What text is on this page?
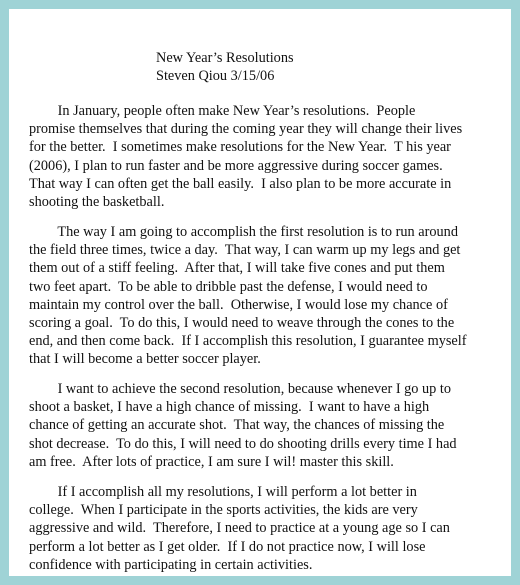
New Year’s Resolutions
Steven Qiou 3/15/06
In January, people often make New Year’s resolutions.  People
promise themselves that during the coming year they will change their lives
for the better.  I sometimes make resolutions for the New Year.  T his year
(2006), I plan to run faster and be more aggressive during soccer games.
That way I can often get the ball easily.  I also plan to be more accurate in
shooting the basketball.
The way I am going to accomplish the first resolution is to run around
the field three times, twice a day.  That way, I can warm up my legs and get
them out of a stiff feeling.  After that, I will take five cones and put them
two feet apart.  To be able to dribble past the defense, I would need to
maintain my control over the ball.  Otherwise, I would lose my chance of
scoring a goal.  To do this, I would need to weave through the cones to the
end, and then come back.  If I accomplish this resolution, I guarantee myself
that I will become a better soccer player.
I want to achieve the second resolution, because whenever I go up to
shoot a basket, I have a high chance of missing.  I want to have a high
chance of getting an accurate shot.  That way, the chances of missing the
shot decrease.  To do this, I will need to do shooting drills every time I had
am free.  After lots of practice, I am sure I wil! master this skill.
If I accomplish all my resolutions, I will perform a lot better in
college.  When I participate in the sports activities, the kids are very
aggressive and wild.  Therefore, I need to practice at a young age so I can
perform a lot better as I get older.  If I do not practice now, I will lose
confidence with participating in certain activities.
